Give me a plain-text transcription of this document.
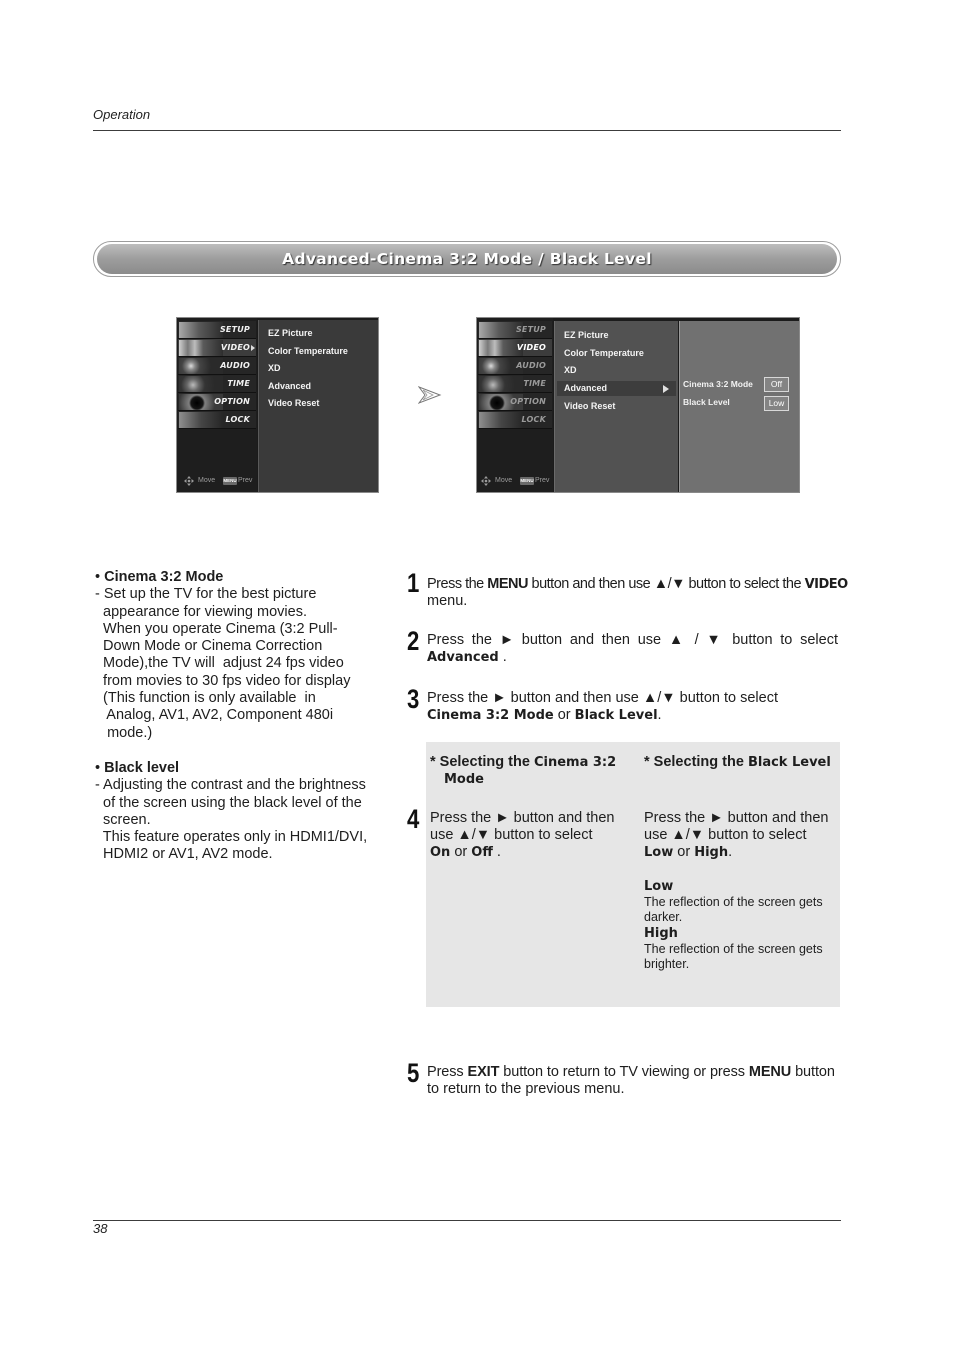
Operation
Advanced-Cinema 3:2 Mode / Black Level
SETUP
VIDEO
AUDIO
TIME
OPTION
LOCK
Move MENU Prev
EZ Picture
Color Temperature
XD
Advanced
Video Reset
SETUP
VIDEO
AUDIO
TIME
OPTION
LOCK
Move MENU Prev
EZ Picture
Color Temperature
XD
Advanced
Video Reset
Cinema 3:2 Mode	Off
Black Level	Low
• Cinema 3:2 Mode
- Set up the TV for the best picture
appearance for viewing movies.
When you operate Cinema (3:2 Pull-
Down Mode or Cinema Correction
Mode),the TV will  adjust 24 fps video
from movies to 30 fps video for display
(This function is only available  in
Analog, AV1, AV2, Component 480i
mode.)
• Black level
- Adjusting the contrast and the brightness
of the screen using the black level of the
screen.
This feature operates only in HDMI1/DVI,
HDMI2 or AV1, AV2 mode.
1 Press the MENU button and then use ▲/▼ button to select the VIDEO
menu.
2 Press the ► button and then use ▲ / ▼ button to select
Advanced .
3 Press the ► button and then use ▲/▼ button to select
Cinema 3:2 Mode or Black Level.
* Selecting the Cinema 3:2
Mode
* Selecting the Black Level
4 Press the ► button and then
use ▲/▼ button to select
On or Off .
Press the ► button and then
use ▲/▼ button to select
Low or High.
Low
The reflection of the screen gets
darker.
High
The reflection of the screen gets
brighter.
5 Press EXIT button to return to TV viewing or press MENU button
to return to the previous menu.
38
